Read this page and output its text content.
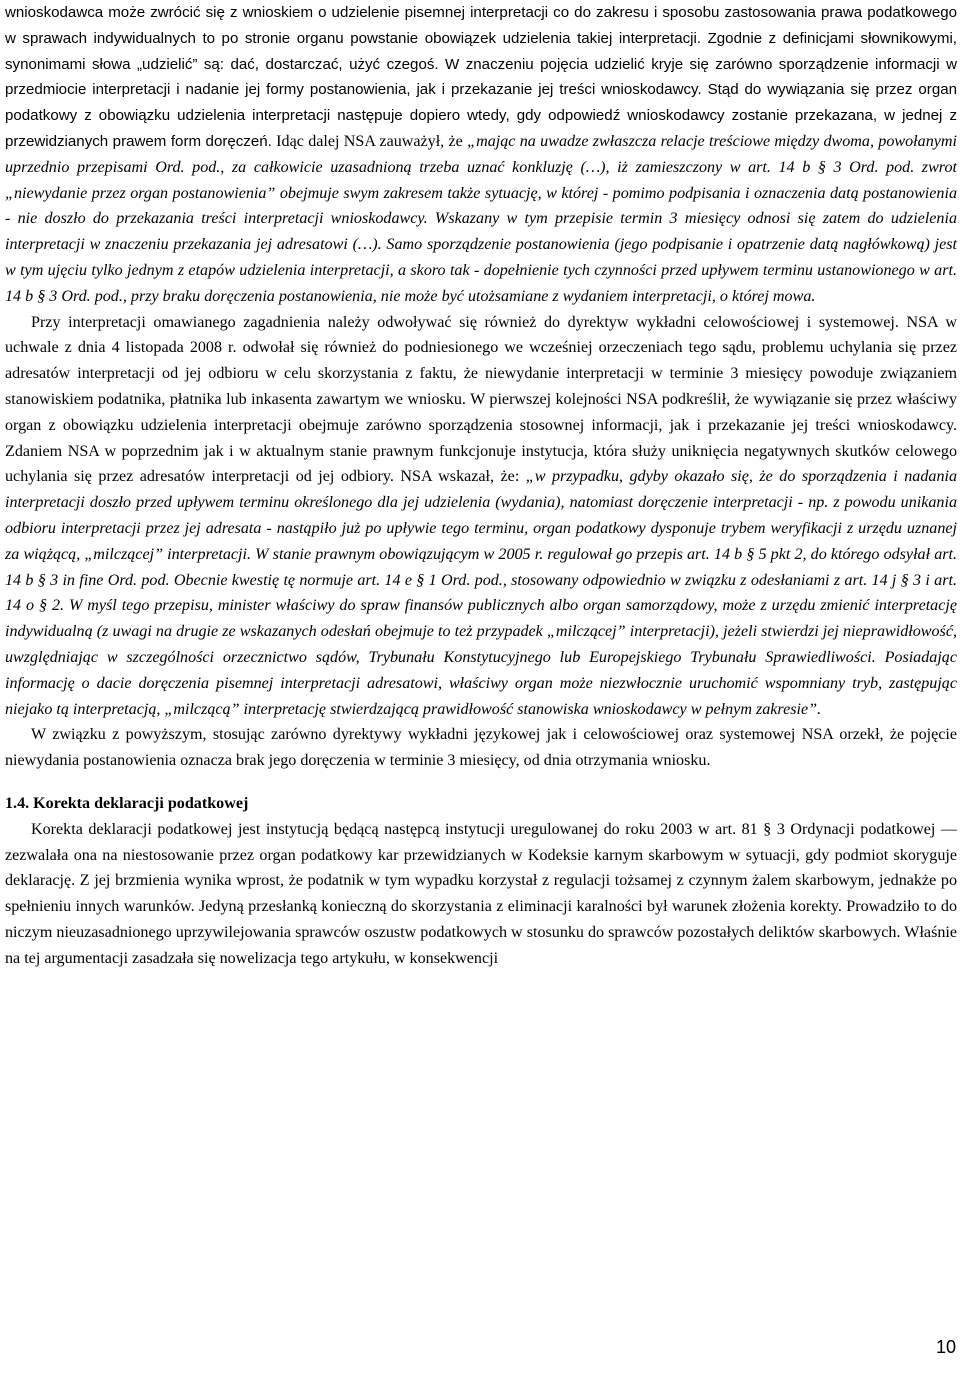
wnioskodawca może zwrócić się z wnioskiem o udzielenie pisemnej interpretacji co do zakresu i sposobu zastosowania prawa podatkowego w sprawach indywidualnych to po stronie organu powstanie obowiązek udzielenia takiej interpretacji. Zgodnie z definicjami słownikowymi, synonimami słowa „udzielić” są: dać, dostarczać, użyć czegoś. W znaczeniu pojęcia udzielić kryje się zarówno sporządzenie informacji w przedmiocie interpretacji i nadanie jej formy postanowienia, jak i przekazanie jej treści wnioskodawcy. Stąd do wywiązania się przez organ podatkowy z obowiązku udzielenia interpretacji następuje dopiero wtedy, gdy odpowiedź wnioskodawcy zostanie przekazana, w jednej z przewidzianych prawem form doręczeń. Idąc dalej NSA zauważył, że „mając na uwadze zwłaszcza relacje treściowe między dwoma, powołanymi uprzednio przepisami Ord. pod., za całkowicie uzasadnioną trzeba uznać konkluzję (…), iż zamieszczony w art. 14 b § 3 Ord. pod. zwrot „niewydanie przez organ postanowienia” obejmuje swym zakresem także sytuację, w której - pomimo podpisania i oznaczenia datą postanowienia - nie doszło do przekazania treści interpretacji wnioskodawcy. Wskazany w tym przepisie termin 3 miesięcy odnosi się zatem do udzielenia interpretacji w znaczeniu przekazania jej adresatowi (…). Samo sporządzenie postanowienia (jego podpisanie i opatrzenie datą nagłówkową) jest w tym ujęciu tylko jednym z etapów udzielenia interpretacji, a skoro tak - dopełnienie tych czynności przed upływem terminu ustanowionego w art. 14 b § 3 Ord. pod., przy braku doręczenia postanowienia, nie może być utożsamiane z wydaniem interpretacji, o której mowa.

Przy interpretacji omawianego zagadnienia należy odwoływać się również do dyrektyw wykładni celowościowej i systemowej. NSA w uchwale z dnia 4 listopada 2008 r. odwołał się również do podniesionego we wcześniej orzeczeniach tego sądu, problemu uchylania się przez adresatów interpretacji od jej odbioru w celu skorzystania z faktu, że niewydanie interpretacji w terminie 3 miesięcy powoduje związaniem stanowiskiem podatnika, płatnika lub inkasenta zawartym we wniosku. W pierwszej kolejności NSA podkreślił, że wywiązanie się przez właściwy organ z obowiązku udzielenia interpretacji obejmuje zarówno sporządzenia stosownej informacji, jak i przekazanie jej treści wnioskodawcy. Zdaniem NSA w poprzednim jak i w aktualnym stanie prawnym funkcjonuje instytucja, która służy uniknięcia negatywnych skutków celowego uchylania się przez adresatów interpretacji od jej odbiory. NSA wskazał, że: „w przypadku, gdyby okazało się, że do sporządzenia i nadania interpretacji doszło przed upływem terminu określonego dla jej udzielenia (wydania), natomiast doręczenie interpretacji - np. z powodu unikania odbioru interpretacji przez jej adresata - nastąpiło już po upływie tego terminu, organ podatkowy dysponuje trybem weryfikacji z urzędu uznanej za wiążącą, „milczącej” interpretacji. W stanie prawnym obowiązującym w 2005 r. regulował go przepis art. 14 b § 5 pkt 2, do którego odsyłał art. 14 b § 3 in fine Ord. pod. Obecnie kwestię tę normuje art. 14 e § 1 Ord. pod., stosowany odpowiednio w związku z odesłaniami z art. 14 j § 3 i art. 14 o § 2. W myśl tego przepisu, minister właściwy do spraw finansów publicznych albo organ samorządowy, może z urzędu zmienić interpretację indywidualną (z uwagi na drugie ze wskazanych odesłań obejmuje to też przypadek „milczącej” interpretacji), jeżeli stwierdzi jej nieprawidłowość, uwzględniając w szczególności orzecznictwo sądów, Trybunału Konstytucyjnego lub Europejskiego Trybunału Sprawiedliwości. Posiadając informację o dacie doręczenia pisemnej interpretacji adresatowi, właściwy organ może niezwłocznie uruchomić wspomniany tryb, zastępując niejako tą interpretacją, „milczącą” interpretację stwierdzającą prawidłowość stanowiska wnioskodawcy w pełnym zakresie”.

W związku z powyższym, stosując zarówno dyrektywy wykładni językowej jak i celowościowej oraz systemowej NSA orzekł, że pojęcie niewydania postanowienia oznacza brak jego doręczenia w terminie 3 miesięcy, od dnia otrzymania wniosku.

1.4. Korekta deklaracji podatkowej

Korekta deklaracji podatkowej jest instytucją będącą następcą instytucji uregulowanej do roku 2003 w art. 81 § 3 Ordynacji podatkowej ― zezwalała ona na niestosowanie przez organ podatkowy kar przewidzianych w Kodeksie karnym skarbowym w sytuacji, gdy podmiot skoryguje deklarację. Z jej brzmienia wynika wprost, że podatnik w tym wypadku korzystał z regulacji tożsamej z czynnym żalem skarbowym, jednakże po spełnieniu innych warunków. Jedyną przesłanką konieczną do skorzystania z eliminacji karalności był warunek złożenia korekty. Prowadziło to do niczym nieuzasadnionego uprzywilejowania sprawców oszustw podatkowych w stosunku do sprawców pozostałych deliktów skarbowych. Właśnie na tej argumentacji zasadzała się nowelizacja tego artykułu, w konsekwencji

10
